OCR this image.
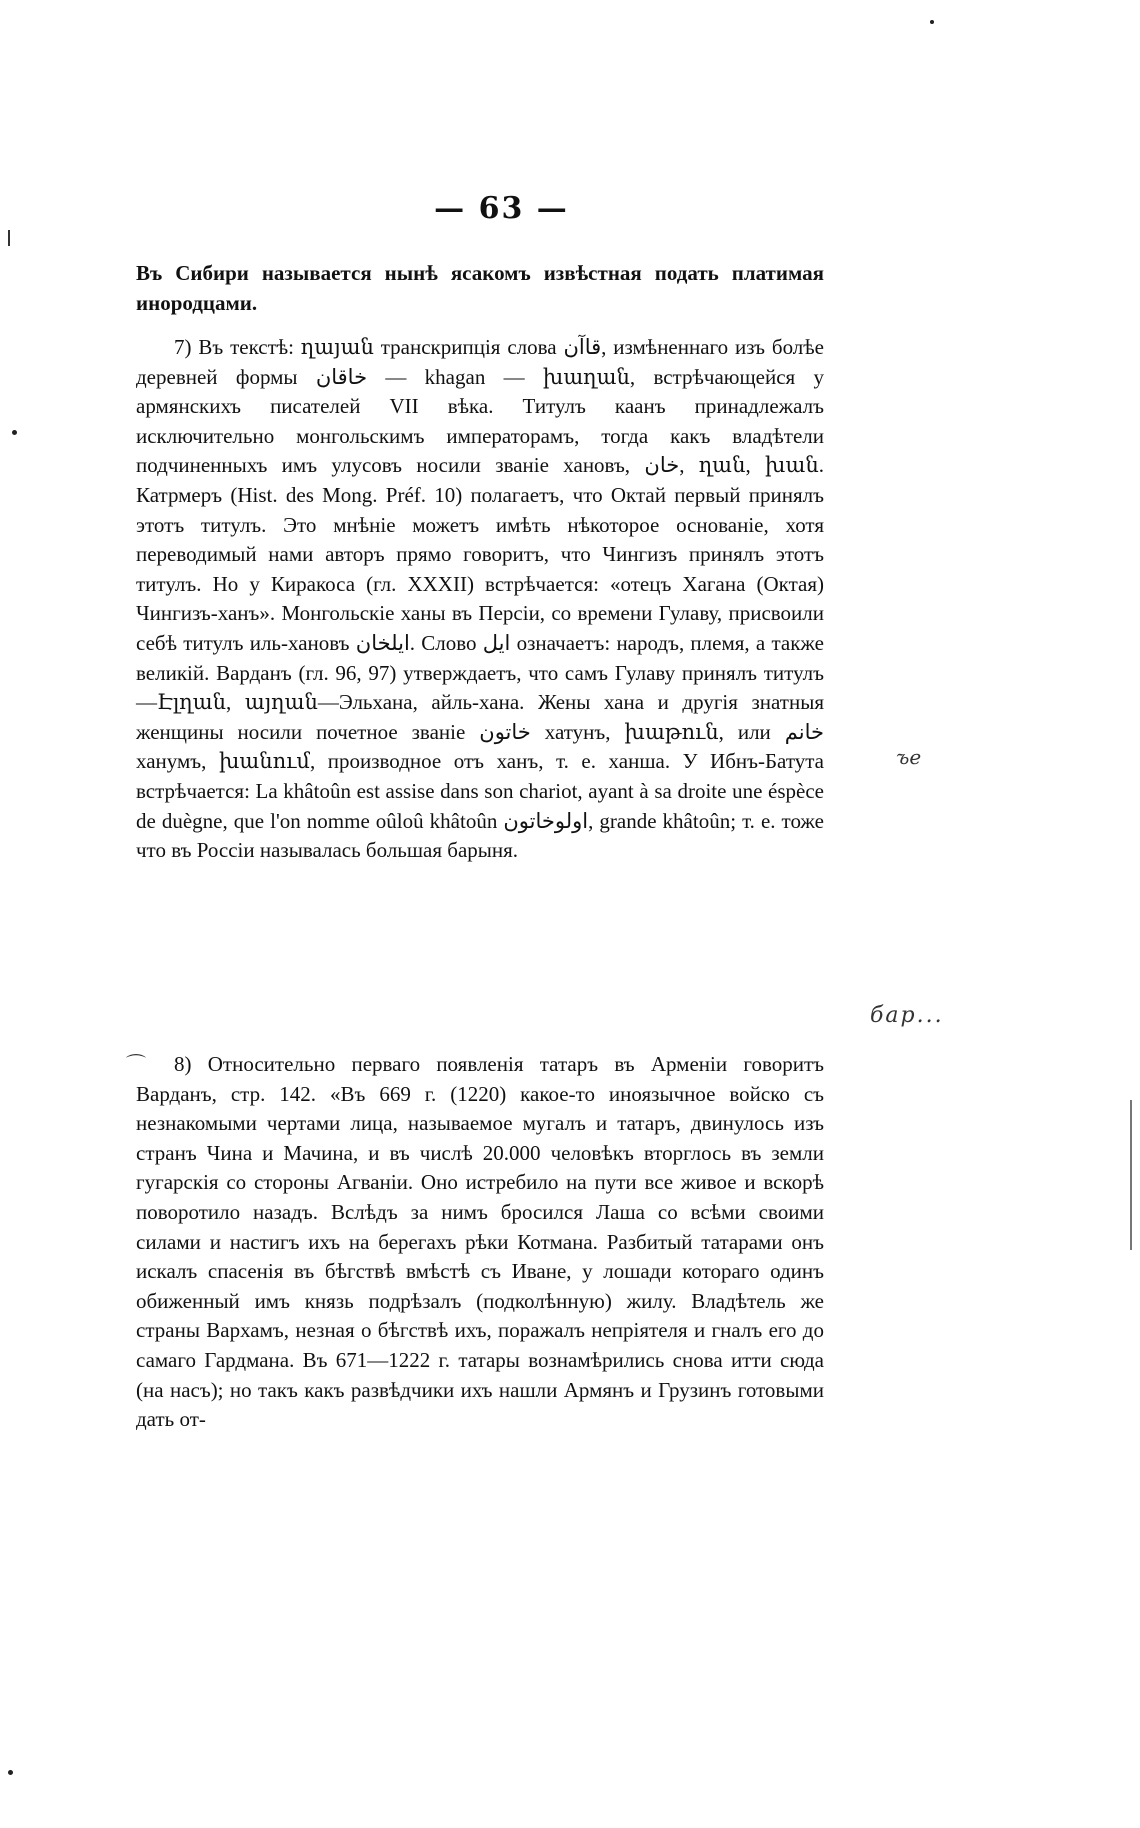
— 63 —
Въ Сибири называется нынѣ ясакомъ извѣстная подать платимая инородцами.
7) Въ текстѣ: ղայան транскрипція слова قاآن, измѣненнаго изъ болѣе деревней формы خاقان — khagan — խաղան, встрѣчающейся у армянскихъ писателей VII вѣка. Титулъ каанъ принадлежалъ исключительно монгольскимъ императорамъ, тогда какъ владѣтели подчиненныхъ имъ улусовъ носили званіе хановъ, خان, ղան, խան. Катрмеръ (Hist. des Mong. Préf. 10) полагаетъ, что Октай первый принялъ этотъ титулъ. Это мнѣніе можетъ имѣть нѣкоторое основаніе, хотя переводимый нами авторъ прямо говоритъ, что Чингизъ принялъ этотъ титулъ. Но у Киракоса (гл. XXXII) встрѣчается: «отецъ Хагана (Октая) Чингизъ-ханъ». Монгольскіе ханы въ Персіи, со времени Гулаву, присвоили себѣ титулъ иль-хановъ ایلخان. Слово ایل означаетъ: народъ, племя, а также великій. Варданъ (гл. 96, 97) утверждаетъ, что самъ Гулаву принялъ титулъ—Էլղան, այղան—Эльхана, айль-хана. Жены хана и другія знатныя женщины носили почетное званіе خاتون хатунъ, խաթուն, или خانم ханумъ, խանում, производное отъ ханъ, т. е. ханша. У Ибнъ-Батута встрѣчается: La khâtoûn est assise dans son chariot, ayant à sa droite une éspèce de duègne, que l'on nomme oûloû khâtoûn اولوخاتون, grande khâtoûn; т. е. тоже что въ Россіи называлась большая барыня.
⌒	8) Относительно перваго появленія татаръ въ Арменіи говоритъ Варданъ, стр. 142. «Въ 669 г. (1220) какое-то иноязычное войско съ незнакомыми чертами лица, называемое мугалъ и татаръ, двинулось изъ странъ Чина и Мачина, и въ числѣ 20.000 человѣкъ вторглось въ земли гугарскія со стороны Агваніи. Оно истребило на пути все живое и вскорѣ поворотило назадъ. Вслѣдъ за нимъ бросился Лаша со всѣми своими силами и настигъ ихъ на берегахъ рѣки Котмана. Разбитый татарами онъ искалъ спасенія въ бѣгствѣ вмѣстѣ съ Иване, у лошади котораго одинъ обиженный имъ князь подрѣзалъ (подколѣнную) жилу. Владѣтель же страны Вархамъ, незная о бѣгствѣ ихъ, поражалъ непріятеля и гналъ его до самаго Гардмана. Въ 671—1222 г. татары вознамѣрились снова итти сюда (на насъ); но такъ какъ развѣдчики ихъ нашли Армянъ и Грузинъ готовыми дать от-
ъе
бар...
